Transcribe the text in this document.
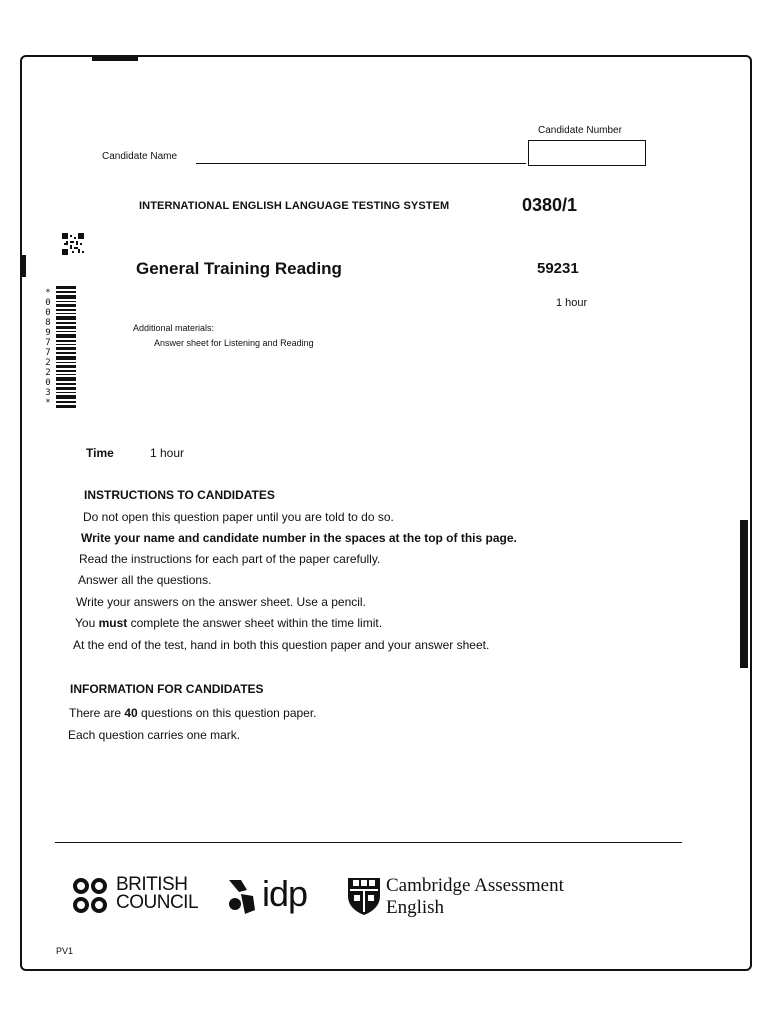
Candidate Number
Candidate Name
INTERNATIONAL ENGLISH LANGUAGE TESTING SYSTEM	0380/1
General Training Reading	59231
1 hour
Additional materials:
Answer sheet for Listening and Reading
*0089772203*
Time	1 hour
INSTRUCTIONS TO CANDIDATES
Do not open this question paper until you are told to do so.
Write your name and candidate number in the spaces at the top of this page.
Read the instructions for each part of the paper carefully.
Answer all the questions.
Write your answers on the answer sheet. Use a pencil.
You must complete the answer sheet within the time limit.
At the end of the test, hand in both this question paper and your answer sheet.
INFORMATION FOR CANDIDATES
There are 40 questions on this question paper.
Each question carries one mark.
BRITISH
COUNCIL idp	Cambridge Assessment
English
PV1
